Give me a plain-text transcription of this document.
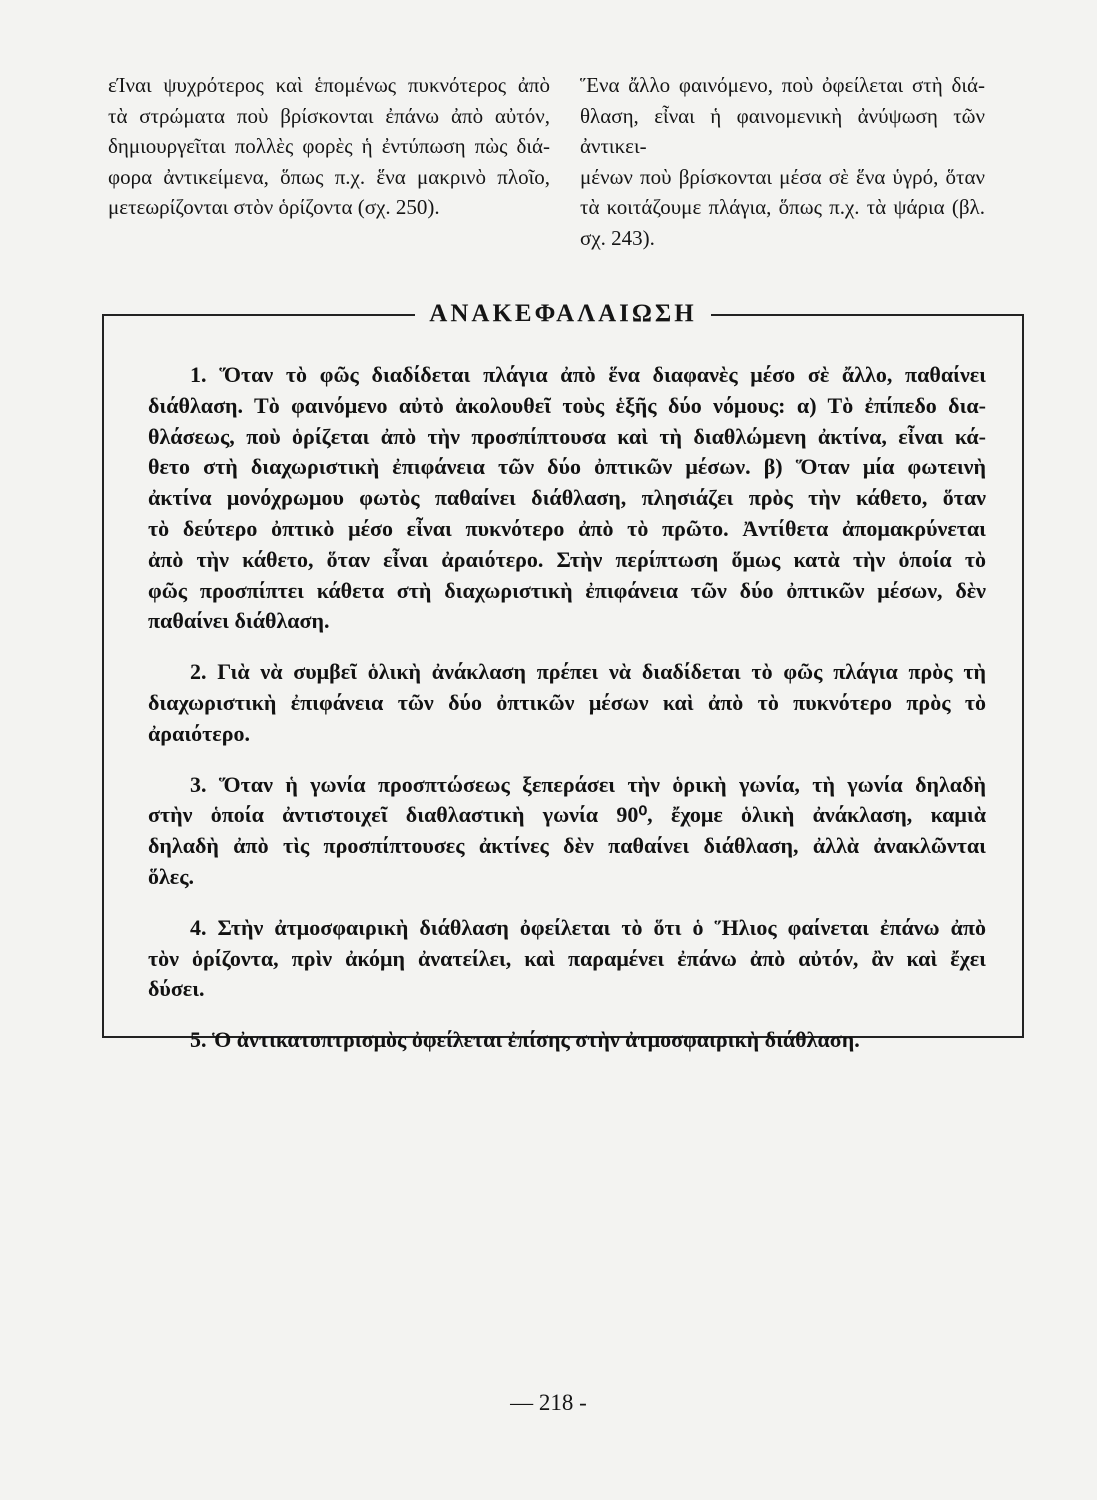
εΊναι ψυχρότερος καὶ ἑπομένως πυκνότερος ἀπὸ
τὰ στρώματα ποὺ βρίσκονται ἐπάνω ἀπὸ αὐτόν,
δημιουργεῖται πολλὲς φορὲς ἡ ἐντύπωση πὼς διά-
φορα ἀντικείμενα, ὅπως π.χ. ἕνα μακρινὸ πλοῖο,
μετεωρίζονται στὸν ὁρίζοντα (σχ. 250).

Ἕνα ἄλλο φαινόμενο, ποὺ ὀφείλεται στὴ διά-
θλαση, εἶναι ἡ φαινομενικὴ ἀνύψωση τῶν ἀντικει-
μένων ποὺ βρίσκονται μέσα σὲ ἕνα ὑγρό, ὅταν
τὰ κοιτάζουμε πλάγια, ὅπως π.χ. τὰ ψάρια (βλ.
σχ. 243).

ΑΝΑΚΕΦΑΛΑΙΩΣΗ
1. Ὅταν τὸ φῶς διαδίδεται πλάγια ἀπὸ ἕνα διαφανὲς μέσο σὲ ἄλλο, παθαίνει
διάθλαση. Τὸ φαινόμενο αὐτὸ ἀκολουθεῖ τοὺς ἑξῆς δύο νόμους: α) Τὸ ἐπίπεδο δια-
θλάσεως, ποὺ ὁρίζεται ἀπὸ τὴν προσπίπτουσα καὶ τὴ διαθλώμενη ἀκτίνα, εἶναι κά-
θετο στὴ διαχωριστικὴ ἐπιφάνεια τῶν δύο ὀπτικῶν μέσων. β) Ὅταν μία φωτεινὴ
ἀκτίνα μονόχρωμου φωτὸς παθαίνει διάθλαση, πλησιάζει πρὸς τὴν κάθετο, ὅταν
τὸ δεύτερο ὀπτικὸ μέσο εἶναι πυκνότερο ἀπὸ τὸ πρῶτο. Ἀντίθετα ἀπομακρύνεται
ἀπὸ τὴν κάθετο, ὅταν εἶναι ἀραιότερο. Στὴν περίπτωση ὅμως κατὰ τὴν ὁποία τὸ
φῶς προσπίπτει κάθετα στὴ διαχωριστικὴ ἐπιφάνεια τῶν δύο ὀπτικῶν μέσων, δὲν
παθαίνει διάθλαση.
2. Γιὰ νὰ συμβεῖ ὁλικὴ ἀνάκλαση πρέπει νὰ διαδίδεται τὸ φῶς πλάγια πρὸς τὴ
διαχωριστικὴ ἐπιφάνεια τῶν δύο ὀπτικῶν μέσων καὶ ἀπὸ τὸ πυκνότερο πρὸς τὸ
ἀραιότερο.
3. Ὅταν ἡ γωνία προσπτώσεως ξεπεράσει τὴν ὁρικὴ γωνία, τὴ γωνία δηλαδὴ
στὴν ὁποία ἀντιστοιχεῖ διαθλαστικὴ γωνία 90⁰, ἔχομε ὁλικὴ ἀνάκλαση, καμιὰ
δηλαδὴ ἀπὸ τὶς προσπίπτουσες ἀκτίνες δὲν παθαίνει διάθλαση, ἀλλὰ ἀνακλῶνται
ὅλες.
4. Στὴν ἀτμοσφαιρικὴ διάθλαση ὀφείλεται τὸ ὅτι ὁ Ἥλιος φαίνεται ἐπάνω ἀπὸ
τὸν ὁρίζοντα, πρὶν ἀκόμη ἀνατείλει, καὶ παραμένει ἐπάνω ἀπὸ αὐτόν, ἂν καὶ ἔχει
δύσει.
5. Ὁ ἀντικατοπτρισμὸς ὀφείλεται ἐπίσης στὴν ἀτμοσφαιρικὴ διάθλαση.
— 218 -
